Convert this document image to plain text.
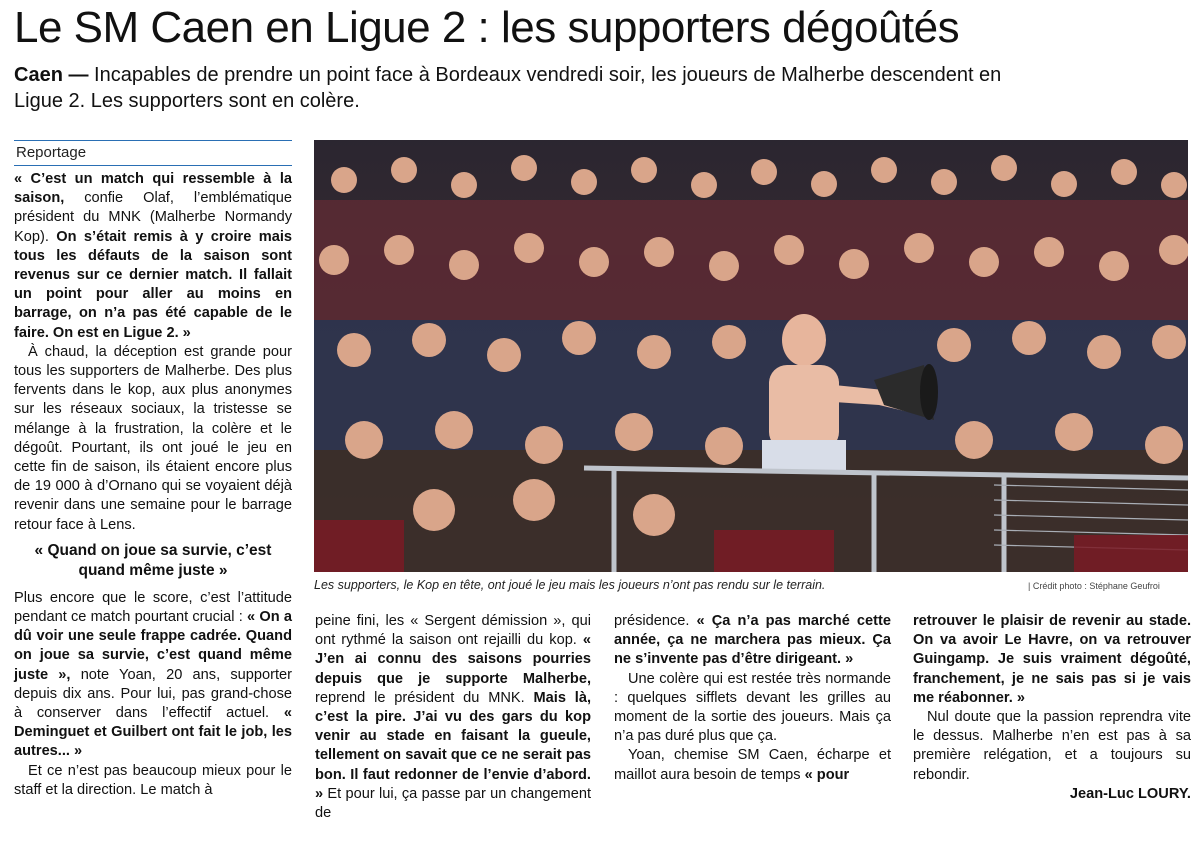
Le SM Caen en Ligue 2 : les supporters dégoûtés

Caen — Incapables de prendre un point face à Bordeaux vendredi soir, les joueurs de Malherbe descendent en Ligue 2. Les supporters sont en colère.

Reportage

« C’est un match qui ressemble à la saison, confie Olaf, l’emblématique président du MNK (Malherbe Normandy Kop). On s’était remis à y croire mais tous les défauts de la saison sont revenus sur ce dernier match. Il fallait un point pour aller au moins en barrage, on n’a pas été capable de le faire. On est en Ligue 2. »

À chaud, la déception est grande pour tous les supporters de Malherbe. Des plus fervents dans le kop, aux plus anonymes sur les réseaux sociaux, la tristesse se mélange à la frustration, la colère et le dégoût. Pourtant, ils ont joué le jeu en cette fin de saison, ils étaient encore plus de 19 000 à d’Ornano qui se voyaient déjà revenir dans une semaine pour le barrage retour face à Lens.

« Quand on joue sa survie, c’est quand même juste »

Plus encore que le score, c’est l’attitude pendant ce match pourtant crucial : « On a dû voir une seule frappe cadrée. Quand on joue sa survie, c’est quand même juste », note Yoan, 20 ans, supporter depuis dix ans. Pour lui, pas grand-chose à conserver dans l’effectif actuel. « Deminguet et Guilbert ont fait le job, les autres... »

Et ce n’est pas beaucoup mieux pour le staff et la direction. Le match à

Les supporters, le Kop en tête, ont joué le jeu mais les joueurs n’ont pas rendu sur le terrain.	| Crédit photo : Stéphane Geufroi

peine fini, les « Sergent démission », qui ont rythmé la saison ont rejailli du kop. « J’en ai connu des saisons pourries depuis que je supporte Malherbe, reprend le président du MNK. Mais là, c’est la pire. J’ai vu des gars du kop venir au stade en faisant la gueule, tellement on savait que ce ne serait pas bon. Il faut redonner de l’envie d’abord. » Et pour lui, ça passe par un changement de

présidence. « Ça n’a pas marché cette année, ça ne marchera pas mieux. Ça ne s’invente pas d’être dirigeant. »

Une colère qui est restée très normande : quelques sifflets devant les grilles au moment de la sortie des joueurs. Mais ça n’a pas duré plus que ça.

Yoan, chemise SM Caen, écharpe et maillot aura besoin de temps « pour

retrouver le plaisir de revenir au stade. On va avoir Le Havre, on va retrouver Guingamp. Je suis vraiment dégoûté, franchement, je ne sais pas si je vais me réabonner. »

Nul doute que la passion reprendra vite le dessus. Malherbe n’en est pas à sa première relégation, et a toujours su rebondir.

Jean-Luc LOURY.
